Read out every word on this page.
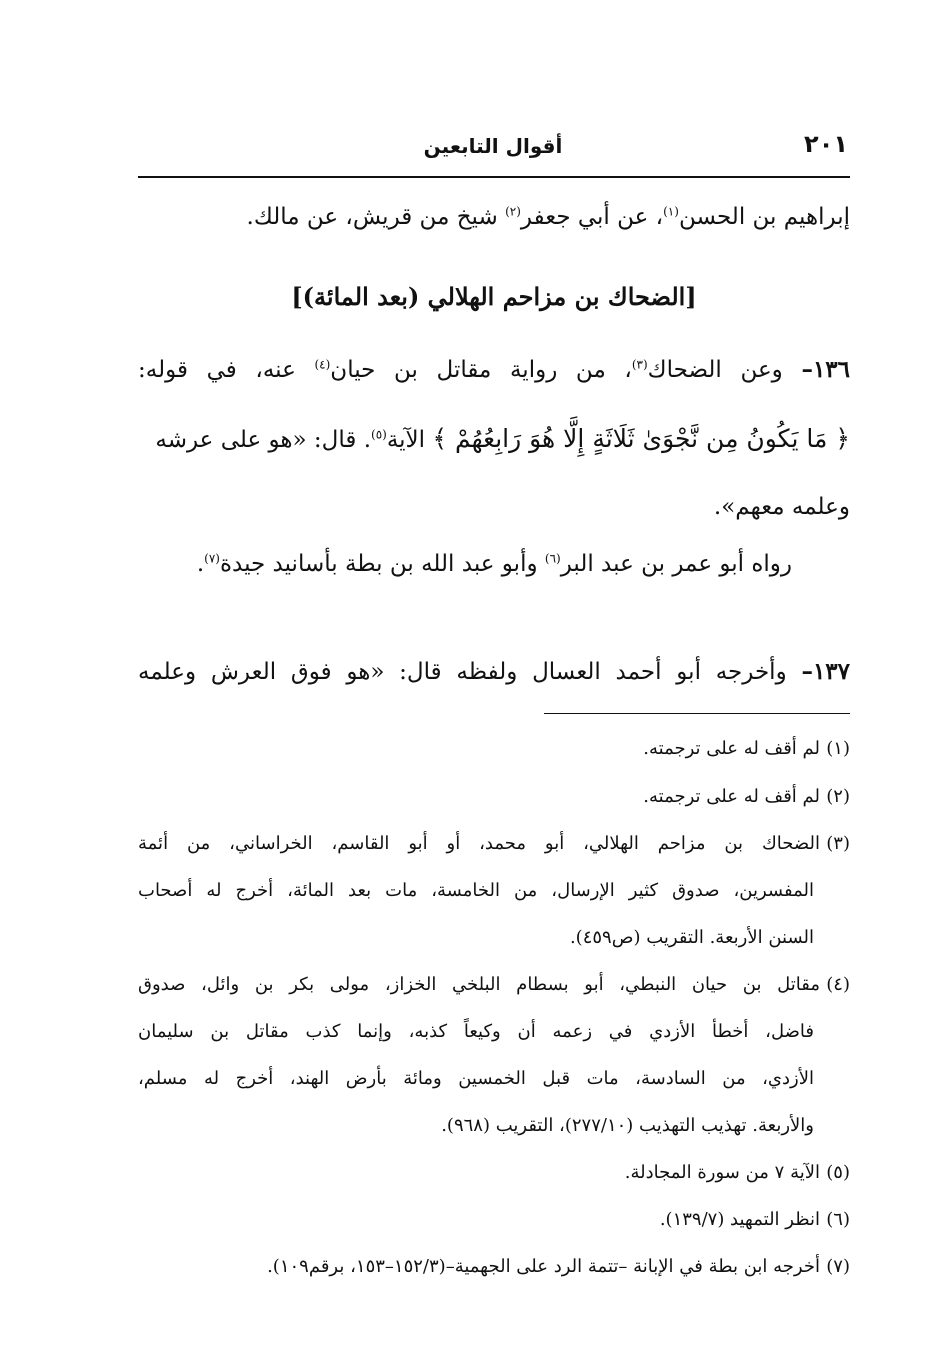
٢٠١
أقوال التابعين
إبراهيم بن الحسن$^{(١)}$، عن أبي جعفر$^{(٢)}$ شيخ من قريش، عن مالك.
[الضحاك بن مزاحم الهلالي (بعد المائة)]
١٣٦– وعن الضحاك$^{(٣)}$، من رواية مقاتل بن حيان$^{(٤)}$ عنه، في قوله:
﴿ مَا يَكُونُ مِن نَّجْوَىٰ ثَلَاثَةٍ إِلَّا هُوَ رَابِعُهُمْ ﴾ الآية$^{(٥)}$. قال: «هو على عرشه
وعلمه معهم».
رواه أبو عمر بن عبد البر$^{(٦)}$ وأبو عبد الله بن بطة بأسانيد جيدة$^{(٧)}$.
١٣٧– وأخرجه أبو أحمد العسال ولفظه قال: «هو فوق العرش وعلمه
(١)لم أقف له على ترجمته.
(٢)لم أقف له على ترجمته.
(٣)الضحاك بن مزاحم الهلالي، أبو محمد، أو أبو القاسم، الخراساني، من أئمة
المفسرين، صدوق كثير الإرسال، من الخامسة، مات بعد المائة، أخرج له أصحاب
السنن الأربعة. التقريب (ص٤٥٩).
(٤)مقاتل بن حيان النبطي، أبو بسطام البلخي الخزاز، مولى بكر بن وائل، صدوق
فاضل، أخطأ الأزدي في زعمه أن وكيعاً كذبه، وإنما كذب مقاتل بن سليمان
الأزدي، من السادسة، مات قبل الخمسين ومائة بأرض الهند، أخرج له مسلم،
والأربعة. تهذيب التهذيب (٢٧٧/١٠)، التقريب (٩٦٨).
(٥)الآية ٧ من سورة المجادلة.
(٦)انظر التمهيد (١٣٩/٧).
(٧)أخرجه ابن بطة في الإبانة –تتمة الرد على الجهمية–(١٥٢/٣–١٥٣، برقم١٠٩).
